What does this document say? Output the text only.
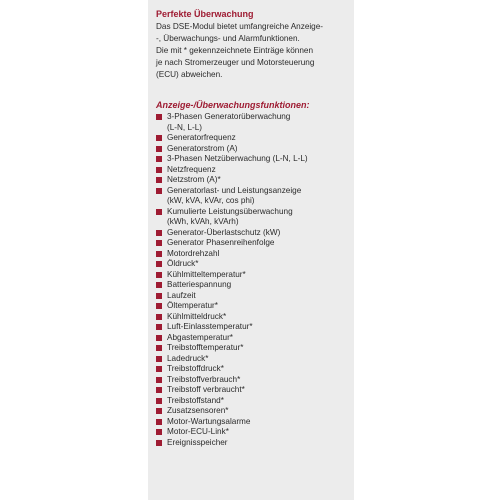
Perfekte Überwachung
Das DSE-Modul bietet umfangreiche Anzeige-
-, Überwachungs- und Alarmfunktionen.
Die mit * gekennzeichnete Einträge können
je nach Stromerzeuger und Motorsteuerung
(ECU) abweichen.
Anzeige-/Überwachungsfunktionen:
3-Phasen Generatorüberwachung
(L-N, L-L)
Generatorfrequenz
Generatorstrom (A)
3-Phasen Netzüberwachung (L-N, L-L)
Netzfrequenz
Netzstrom (A)*
Generatorlast- und Leistungsanzeige
(kW, kVA, kVAr, cos phi)
Kumulierte Leistungsüberwachung
(kWh, kVAh, kVArh)
Generator-Überlastschutz (kW)
Generator Phasenreihenfolge
Motordrehzahl
Öldruck*
Kühlmitteltemperatur*
Batteriespannung
Laufzeit
Öltemperatur*
Kühlmitteldruck*
Luft-Einlasstemperatur*
Abgastemperatur*
Treibstofftemperatur*
Ladedruck*
Treibstoffdruck*
Treibstoffverbrauch*
Treibstoff verbraucht*
Treibstoffstand*
Zusatzsensoren*
Motor-Wartungsalarme
Motor-ECU-Link*
Ereignisspeicher
